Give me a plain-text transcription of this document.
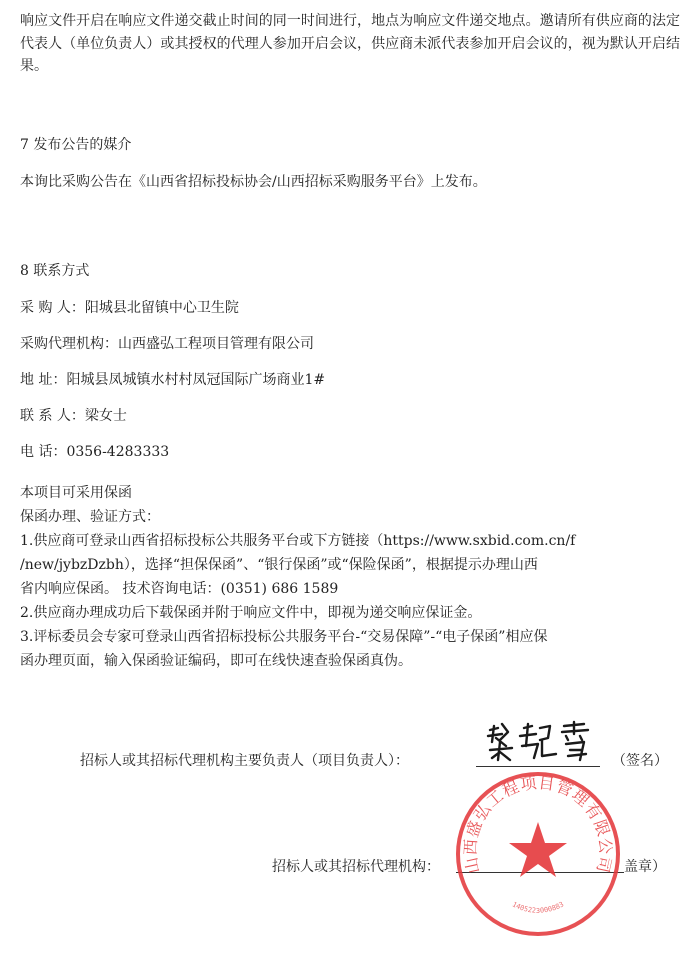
响应文件开启在响应文件递交截止时间的同一时间进行，地点为响应文件递交地点。邀请所有供应商的法定代表人（单位负责人）或其授权的代理人参加开启会议，供应商未派代表参加开启会议的，视为默认开启结果。
7 发布公告的媒介
本询比采购公告在《山西省招标投标协会/山西招标采购服务平台》上发布。
8 联系方式
采 购 人：阳城县北留镇中心卫生院
采购代理机构：山西盛弘工程项目管理有限公司
地 址：阳城县凤城镇水村村凤冠国际广场商业1#
联 系 人：梁女士
电 话：0356-4283333
本项目可采用保函
保函办理、验证方式：
1.供应商可登录山西省招标投标公共服务平台或下方链接（https://www.sxbid.com.cn/f
/new/jybzDzbh），选择“担保保函”、“银行保函”或“保险保函”，根据提示办理山西
省内响应保函。 技术咨询电话：(0351) 686 1589
2.供应商办理成功后下载保函并附于响应文件中，即视为递交响应保证金。
3.评标委员会专家可登录山西省招标投标公共服务平台-“交易保障”-“电子保函”相应保
函办理页面，输入保函验证编码，即可在线快速查验保函真伪。
招标人或其招标代理机构主要负责人（项目负责人）：	（签名）
招标人或其招标代理机构：	盖章）
山西盛弘工程项目管理有限公司
1405223000883
